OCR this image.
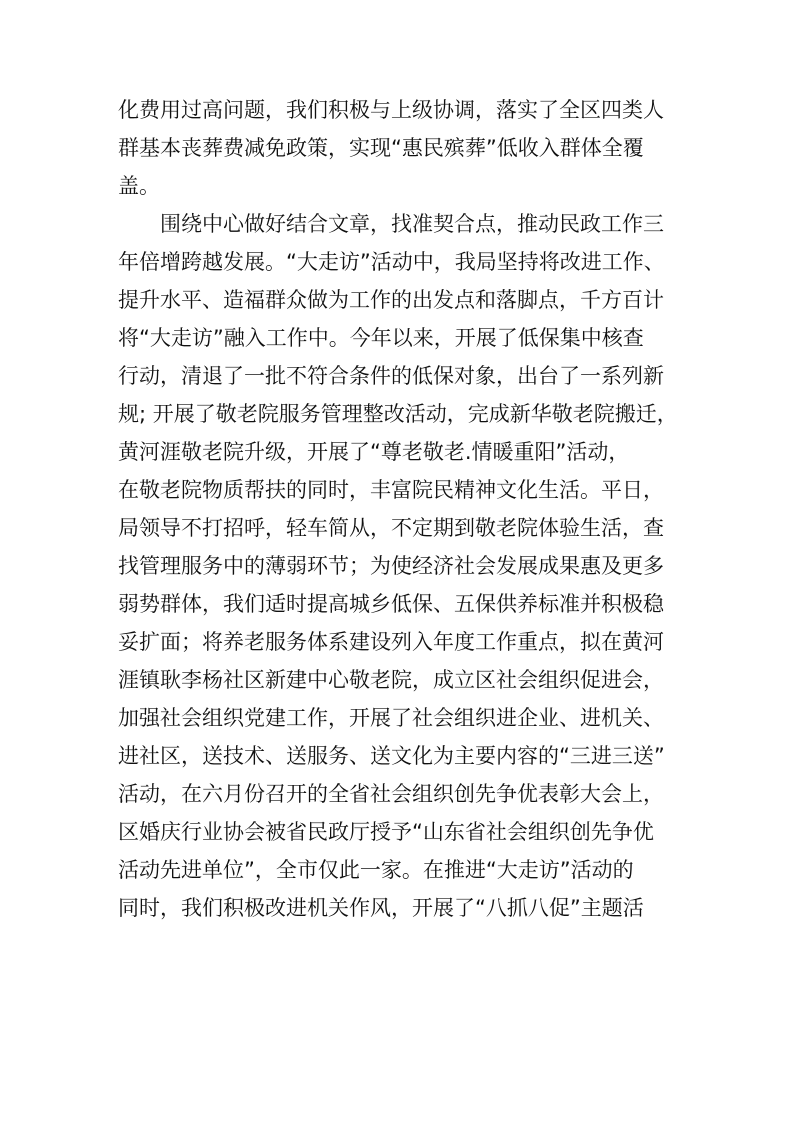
化费用过高问题，我们积极与上级协调，落实了全区四类人
群基本丧葬费减免政策，实现“惠民殡葬”低收入群体全覆
盖。
围绕中心做好结合文章，找准契合点，推动民政工作三
年倍增跨越发展。“大走访”活动中，我局坚持将改进工作、
提升水平、造福群众做为工作的出发点和落脚点，千方百计
将“大走访”融入工作中。今年以来，开展了低保集中核查
行动，清退了一批不符合条件的低保对象，出台了一系列新
规; 开展了敬老院服务管理整改活动，完成新华敬老院搬迁，
黄河涯敬老院升级，开展了“尊老敬老.情暖重阳”活动，
在敬老院物质帮扶的同时，丰富院民精神文化生活。平日，
局领导不打招呼，轻车简从，不定期到敬老院体验生活，查
找管理服务中的薄弱环节；为使经济社会发展成果惠及更多
弱势群体，我们适时提高城乡低保、五保供养标准并积极稳
妥扩面；将养老服务体系建设列入年度工作重点，拟在黄河
涯镇耿李杨社区新建中心敬老院，成立区社会组织促进会，
加强社会组织党建工作，开展了社会组织进企业、进机关、
进社区，送技术、送服务、送文化为主要内容的“三进三送”
活动，在六月份召开的全省社会组织创先争优表彰大会上，
区婚庆行业协会被省民政厅授予“山东省社会组织创先争优
活动先进单位”，全市仅此一家。在推进“大走访”活动的
同时，我们积极改进机关作风，开展了“八抓八促”主题活
